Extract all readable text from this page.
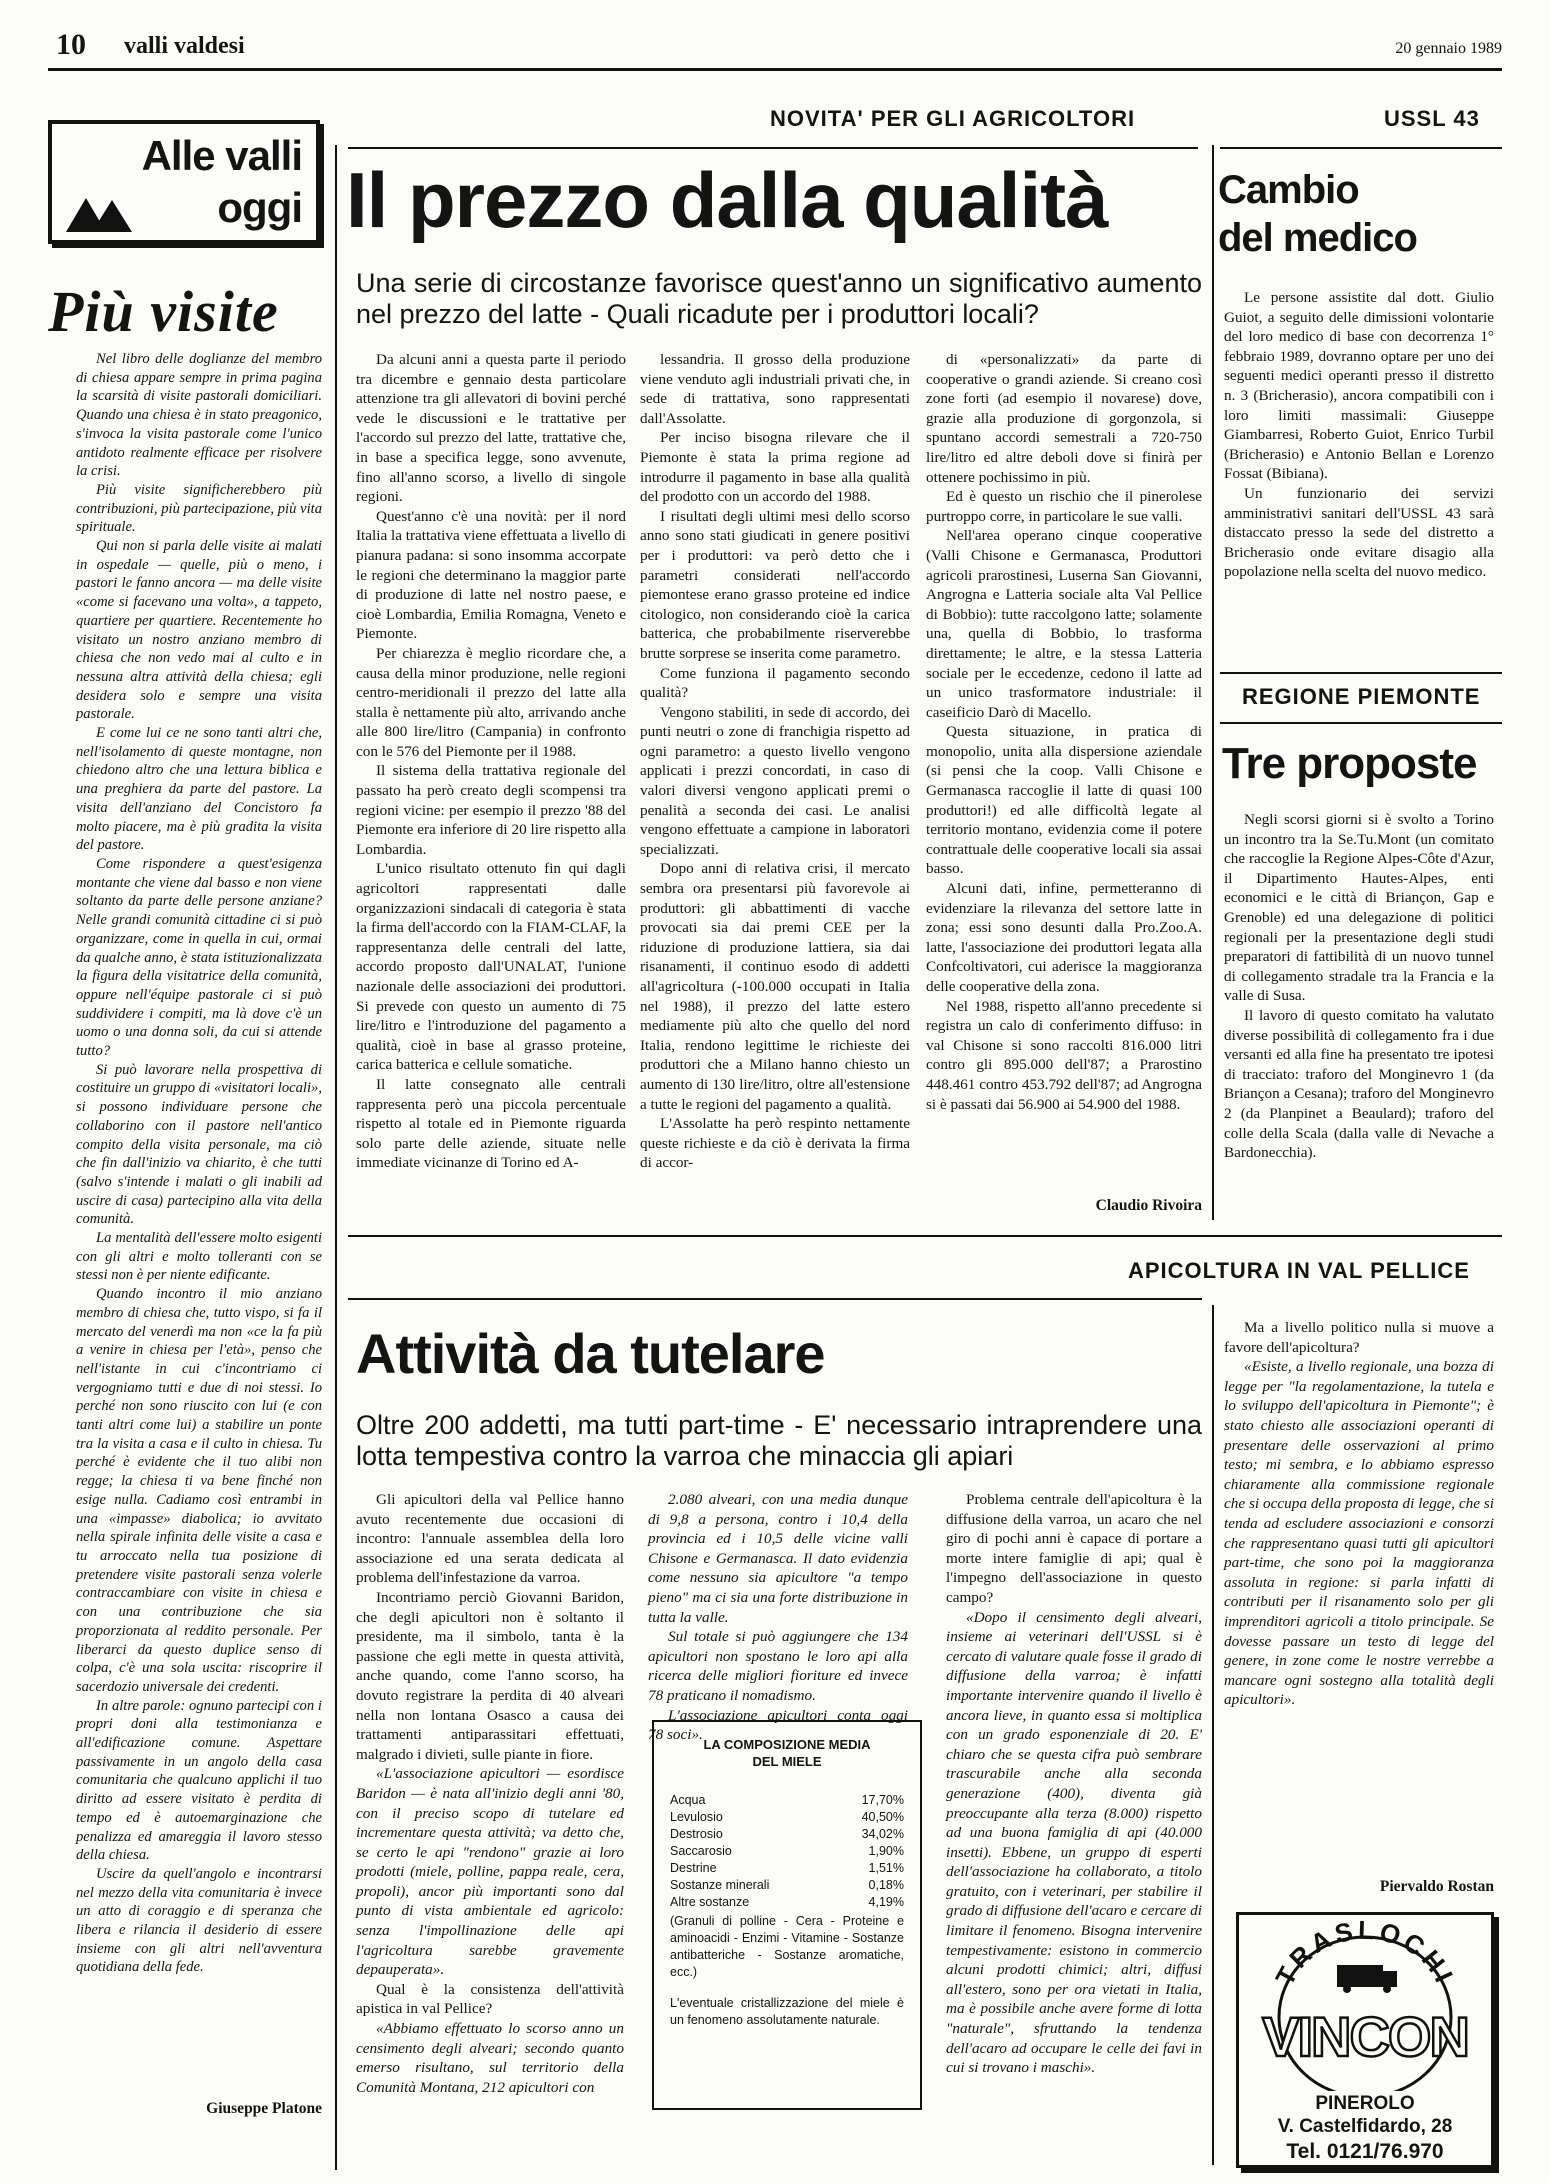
10 valli valdesi	20 gennaio 1989
Alle valli
oggi
Più visite

Nel libro delle doglianze del membro di chiesa appare sempre in prima pagina la scarsità di visite pastorali domiciliari. Quando una chiesa è in stato preagonico, s'invoca la visita pastorale come l'unico antidoto realmente efficace per risolvere la crisi.

Più visite significherebbero più contribuzioni, più partecipazione, più vita spirituale.

Qui non si parla delle visite ai malati in ospedale — quelle, più o meno, i pastori le fanno ancora — ma delle visite «come si facevano una volta», a tappeto, quartiere per quartiere. Recentemente ho visitato un nostro anziano membro di chiesa che non vedo mai al culto e in nessuna altra attività della chiesa; egli desidera solo e sempre una visita pastorale.

E come lui ce ne sono tanti altri che, nell'isolamento di queste montagne, non chiedono altro che una lettura biblica e una preghiera da parte del pastore. La visita dell'anziano del Concistoro fa molto piacere, ma è più gradita la visita del pastore.

Come rispondere a quest'esigenza montante che viene dal basso e non viene soltanto da parte delle persone anziane? Nelle grandi comunità cittadine ci si può organizzare, come in quella in cui, ormai da qualche anno, è stata istituzionalizzata la figura della visitatrice della comunità, oppure nell'équipe pastorale ci si può suddividere i compiti, ma là dove c'è un uomo o una donna soli, da cui si attende tutto?

Si può lavorare nella prospettiva di costituire un gruppo di «visitatori locali», si possono individuare persone che collaborino con il pastore nell'antico compito della visita personale, ma ciò che fin dall'inizio va chiarito, è che tutti (salvo s'intende i malati o gli inabili ad uscire di casa) partecipino alla vita della comunità.

La mentalità dell'essere molto esigenti con gli altri e molto tolleranti con se stessi non è per niente edificante.

Quando incontro il mio anziano membro di chiesa che, tutto vispo, si fa il mercato del venerdì ma non «ce la fa più a venire in chiesa per l'età», penso che nell'istante in cui c'incontriamo ci vergogniamo tutti e due di noi stessi. Io perché non sono riuscito con lui (e con tanti altri come lui) a stabilire un ponte tra la visita a casa e il culto in chiesa. Tu perché è evidente che il tuo alibi non regge; la chiesa ti va bene finché non esige nulla. Cadiamo così entrambi in una «impasse» diabolica; io avvitato nella spirale infinita delle visite a casa e tu arroccato nella tua posizione di pretendere visite pastorali senza volerle contraccambiare con visite in chiesa e con una contribuzione che sia proporzionata al reddito personale. Per liberarci da questo duplice senso di colpa, c'è una sola uscita: riscoprire il sacerdozio universale dei credenti.

In altre parole: ognuno partecipi con i propri doni alla testimonianza e all'edificazione comune. Aspettare passivamente in un angolo della casa comunitaria che qualcuno applichi il tuo diritto ad essere visitato è perdita di tempo ed è autoemarginazione che penalizza ed amareggia il lavoro stesso della chiesa.

Uscire da quell'angolo e incontrarsi nel mezzo della vita comunitaria è invece un atto di coraggio e di speranza che libera e rilancia il desiderio di essere insieme con gli altri nell'avventura quotidiana della fede.

Giuseppe Platone
NOVITA' PER GLI AGRICOLTORI
Il prezzo dalla qualità
Una serie di circostanze favorisce quest'anno un significativo aumento nel prezzo del latte - Quali ricadute per i produttori locali?

Da alcuni anni a questa parte il periodo tra dicembre e gennaio desta particolare attenzione tra gli allevatori di bovini perché vede le discussioni e le trattative per l'accordo sul prezzo del latte, trattative che, in base a specifica legge, sono avvenute, fino all'anno scorso, a livello di singole regioni.

Quest'anno c'è una novità: per il nord Italia la trattativa viene effettuata a livello di pianura padana: si sono insomma accorpate le regioni che determinano la maggior parte di produzione di latte nel nostro paese, e cioè Lombardia, Emilia Romagna, Veneto e Piemonte.

Per chiarezza è meglio ricordare che, a causa della minor produzione, nelle regioni centro-meridionali il prezzo del latte alla stalla è nettamente più alto, arrivando anche alle 800 lire/litro (Campania) in confronto con le 576 del Piemonte per il 1988.

Il sistema della trattativa regionale del passato ha però creato degli scompensi tra regioni vicine: per esempio il prezzo '88 del Piemonte era inferiore di 20 lire rispetto alla Lombardia.

L'unico risultato ottenuto fin qui dagli agricoltori rappresentati dalle organizzazioni sindacali di categoria è stata la firma dell'accordo con la FIAM-CLAF, la rappresentanza delle centrali del latte, accordo proposto dall'UNALAT, l'unione nazionale delle associazioni dei produttori. Si prevede con questo un aumento di 75 lire/litro e l'introduzione del pagamento a qualità, cioè in base al grasso proteine, carica batterica e cellule somatiche.

Il latte consegnato alle centrali rappresenta però una piccola percentuale rispetto al totale ed in Piemonte riguarda solo parte delle aziende, situate nelle immediate vicinanze di Torino ed A-

lessandria. Il grosso della produzione viene venduto agli industriali privati che, in sede di trattativa, sono rappresentati dall'Assolatte.

Per inciso bisogna rilevare che il Piemonte è stata la prima regione ad introdurre il pagamento in base alla qualità del prodotto con un accordo del 1988.

I risultati degli ultimi mesi dello scorso anno sono stati giudicati in genere positivi per i produttori: va però detto che i parametri considerati nell'accordo piemontese erano grasso proteine ed indice citologico, non considerando cioè la carica batterica, che probabilmente riserverebbe brutte sorprese se inserita come parametro.

Come funziona il pagamento secondo qualità?

Vengono stabiliti, in sede di accordo, dei punti neutri o zone di franchigia rispetto ad ogni parametro: a questo livello vengono applicati i prezzi concordati, in caso di valori diversi vengono applicati premi o penalità a seconda dei casi. Le analisi vengono effettuate a campione in laboratori specializzati.

Dopo anni di relativa crisi, il mercato sembra ora presentarsi più favorevole ai produttori: gli abbattimenti di vacche provocati sia dai premi CEE per la riduzione di produzione lattiera, sia dai risanamenti, il continuo esodo di addetti all'agricoltura (-100.000 occupati in Italia nel 1988), il prezzo del latte estero mediamente più alto che quello del nord Italia, rendono legittime le richieste dei produttori che a Milano hanno chiesto un aumento di 130 lire/litro, oltre all'estensione a tutte le regioni del pagamento a qualità.

L'Assolatte ha però respinto nettamente queste richieste e da ciò è derivata la firma di accor-

di «personalizzati» da parte di cooperative o grandi aziende. Si creano così zone forti (ad esempio il novarese) dove, grazie alla produzione di gorgonzola, si spuntano accordi semestrali a 720-750 lire/litro ed altre deboli dove si finirà per ottenere pochissimo in più.

Ed è questo un rischio che il pinerolese purtroppo corre, in particolare le sue valli.

Nell'area operano cinque cooperative (Valli Chisone e Germanasca, Produttori agricoli prarostinesi, Luserna San Giovanni, Angrogna e Latteria sociale alta Val Pellice di Bobbio): tutte raccolgono latte; solamente una, quella di Bobbio, lo trasforma direttamente; le altre, e la stessa Latteria sociale per le eccedenze, cedono il latte ad un unico trasformatore industriale: il caseificio Darò di Macello.

Questa situazione, in pratica di monopolio, unita alla dispersione aziendale (si pensi che la coop. Valli Chisone e Germanasca raccoglie il latte di quasi 100 produttori!) ed alle difficoltà legate al territorio montano, evidenzia come il potere contrattuale delle cooperative locali sia assai basso.

Alcuni dati, infine, permetteranno di evidenziare la rilevanza del settore latte in zona; essi sono desunti dalla Pro.Zoo.A. latte, l'associazione dei produttori legata alla Confcoltivatori, cui aderisce la maggioranza delle cooperative della zona.

Nel 1988, rispetto all'anno precedente si registra un calo di conferimento diffuso: in val Chisone si sono raccolti 816.000 litri contro gli 895.000 dell'87; a Prarostino 448.461 contro 453.792 dell'87; ad Angrogna si è passati dai 56.900 ai 54.900 del 1988.

Claudio Rivoira
USSL 43
Cambio
del medico

Le persone assistite dal dott. Giulio Guiot, a seguito delle dimissioni volontarie del loro medico di base con decorrenza 1° febbraio 1989, dovranno optare per uno dei seguenti medici operanti presso il distretto n. 3 (Bricherasio), ancora compatibili con i loro limiti massimali: Giuseppe Giambarresi, Roberto Guiot, Enrico Turbil (Bricherasio) e Antonio Bellan e Lorenzo Fossat (Bibiana).

Un funzionario dei servizi amministrativi sanitari dell'USSL 43 sarà distaccato presso la sede del distretto a Bricherasio onde evitare disagio alla popolazione nella scelta del nuovo medico.

REGIONE PIEMONTE
Tre proposte

Negli scorsi giorni si è svolto a Torino un incontro tra la Se.Tu.Mont (un comitato che raccoglie la Regione Alpes-Côte d'Azur, il Dipartimento Hautes-Alpes, enti economici e le città di Briançon, Gap e Grenoble) ed una delegazione di politici regionali per la presentazione degli studi preparatori di fattibilità di un nuovo tunnel di collegamento stradale tra la Francia e la valle di Susa.

Il lavoro di questo comitato ha valutato diverse possibilità di collegamento fra i due versanti ed alla fine ha presentato tre ipotesi di tracciato: traforo del Monginevro 1 (da Briançon a Cesana); traforo del Monginevro 2 (da Planpinet a Beaulard); traforo del colle della Scala (dalla valle di Nevache a Bardonecchia).

APICOLTURA IN VAL PELLICE
Attività da tutelare
Oltre 200 addetti, ma tutti part-time - E' necessario intraprendere una lotta tempestiva contro la varroa che minaccia gli apiari

Gli apicultori della val Pellice hanno avuto recentemente due occasioni di incontro: l'annuale assemblea della loro associazione ed una serata dedicata al problema dell'infestazione da varroa.

Incontriamo perciò Giovanni Baridon, che degli apicultori non è soltanto il presidente, ma il simbolo, tanta è la passione che egli mette in questa attività, anche quando, come l'anno scorso, ha dovuto registrare la perdita di 40 alveari nella non lontana Osasco a causa dei trattamenti antiparassitari effettuati, malgrado i divieti, sulle piante in fiore.

«L'associazione apicultori — esordisce Baridon — è nata all'inizio degli anni '80, con il preciso scopo di tutelare ed incrementare questa attività; va detto che, se certo le api "rendono" grazie ai loro prodotti (miele, polline, pappa reale, cera, propoli), ancor più importanti sono dal punto di vista ambientale ed agricolo: senza l'impollinazione delle api l'agricoltura sarebbe gravemente depauperata».

Qual è la consistenza dell'attività apistica in val Pellice?

«Abbiamo effettuato lo scorso anno un censimento degli alveari; secondo quanto emerso risultano, sul territorio della Comunità Montana, 212 apicultori con

2.080 alveari, con una media dunque di 9,8 a persona, contro i 10,4 della provincia ed i 10,5 delle vicine valli Chisone e Germanasca. Il dato evidenzia come nessuno sia apicultore "a tempo pieno" ma ci sia una forte distribuzione in tutta la valle.

Sul totale si può aggiungere che 134 apicultori non spostano le loro api alla ricerca delle migliori fioriture ed invece 78 praticano il nomadismo.

L'associazione apicultori conta oggi 78 soci».

LA COMPOSIZIONE MEDIA
DEL MIELE
Acqua	17,70%
Levulosio	40,50%
Destrosio	34,02%
Saccarosio	1,90%
Destrine	1,51%
Sostanze minerali	0,18%
Altre sostanze	4,19%
(Granuli di polline - Cera - Proteine e aminoacidi - Enzimi - Vitamine - Sostanze antibatteriche - Sostanze aromatiche, ecc.)
L'eventuale cristallizzazione del miele è un fenomeno assolutamente naturale.

Problema centrale dell'apicoltura è la diffusione della varroa, un acaro che nel giro di pochi anni è capace di portare a morte intere famiglie di api; qual è l'impegno dell'associazione in questo campo?

«Dopo il censimento degli alveari, insieme ai veterinari dell'USSL si è cercato di valutare quale fosse il grado di diffusione della varroa; è infatti importante intervenire quando il livello è ancora lieve, in quanto essa si moltiplica con un grado esponenziale di 20. E' chiaro che se questa cifra può sembrare trascurabile anche alla seconda generazione (400), diventa già preoccupante alla terza (8.000) rispetto ad una buona famiglia di api (40.000 insetti). Ebbene, un gruppo di esperti dell'associazione ha collaborato, a titolo gratuito, con i veterinari, per stabilire il grado di diffusione dell'acaro e cercare di limitare il fenomeno. Bisogna intervenire tempestivamente: esistono in commercio alcuni prodotti chimici; altri, diffusi all'estero, sono per ora vietati in Italia, ma è possibile anche avere forme di lotta "naturale", sfruttando la tendenza dell'acaro ad occupare le celle dei favi in cui si trovano i maschi».

Ma a livello politico nulla si muove a favore dell'apicoltura?

«Esiste, a livello regionale, una bozza di legge per "la regolamentazione, la tutela e lo sviluppo dell'apicoltura in Piemonte"; è stato chiesto alle associazioni operanti di presentare delle osservazioni al primo testo; mi sembra, e lo abbiamo espresso chiaramente alla commissione regionale che si occupa della proposta di legge, che si tenda ad escludere associazioni e consorzi che rappresentano quasi tutti gli apicultori part-time, che sono poi la maggioranza assoluta in regione: si parla infatti di contributi per il risanamento solo per gli imprenditori agricoli a titolo principale. Se dovesse passare un testo di legge del genere, in zone come le nostre verrebbe a mancare ogni sostegno alla totalità degli apicultori».

Piervaldo Rostan
TRASLOCHI
VINCON
PINEROLO
V. Castelfidardo, 28
Tel. 0121/76.970
